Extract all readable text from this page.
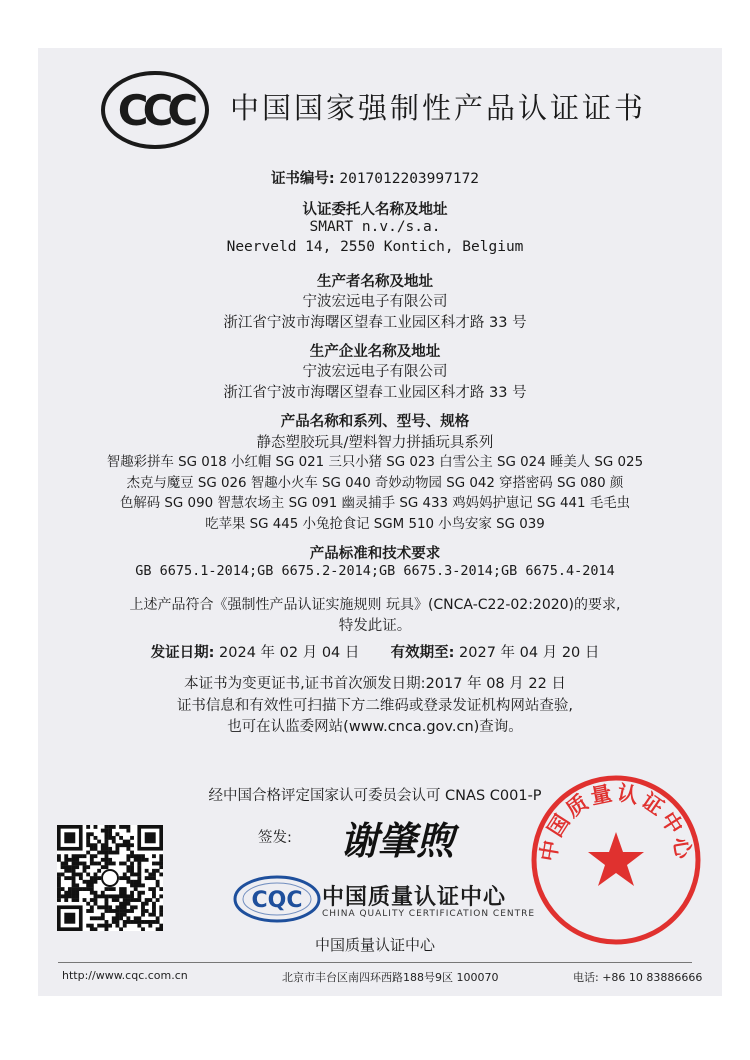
CCC 中国国家强制性产品认证证书
证书编号: 2017012203997172
认证委托人名称及地址
SMART n.v./s.a.
Neerveld 14, 2550 Kontich, Belgium
生产者名称及地址
宁波宏远电子有限公司
浙江省宁波市海曙区望春工业园区科才路 33 号
生产企业名称及地址
宁波宏远电子有限公司
浙江省宁波市海曙区望春工业园区科才路 33 号
产品名称和系列、型号、规格
静态塑胶玩具/塑料智力拼插玩具系列
智趣彩拼车 SG 018 小红帽 SG 021 三只小猪 SG 023 白雪公主 SG 024 睡美人 SG 025
杰克与魔豆 SG 026 智趣小火车 SG 040 奇妙动物园 SG 042 穿搭密码 SG 080 颜
色解码 SG 090 智慧农场主 SG 091 幽灵捕手 SG 433 鸡妈妈护崽记 SG 441 毛毛虫
吃苹果 SG 445 小兔抢食记 SGM 510 小鸟安家 SG 039
产品标准和技术要求
GB 6675.1-2014;GB 6675.2-2014;GB 6675.3-2014;GB 6675.4-2014
上述产品符合《强制性产品认证实施规则 玩具》(CNCA-C22-02:2020)的要求,
特发此证。
发证日期: 2024 年 02 月 04 日 有效期至: 2027 年 04 月 20 日
本证书为变更证书,证书首次颁发日期:2017 年 08 月 22 日
证书信息和有效性可扫描下方二维码或登录发证机构网站查验,
也可在认监委网站(www.cnca.gov.cn)查询。
经中国合格评定国家认可委员会认可 CNAS C001-P
签发: 谢肇煦
CQC 中国质量认证中心
CHINA QUALITY CERTIFICATION CENTRE
中国质量认证中心
中国质量认证中心
http://www.cqc.com.cn	北京市丰台区南四环西路188号9区 100070	电话: +86 10 83886666
